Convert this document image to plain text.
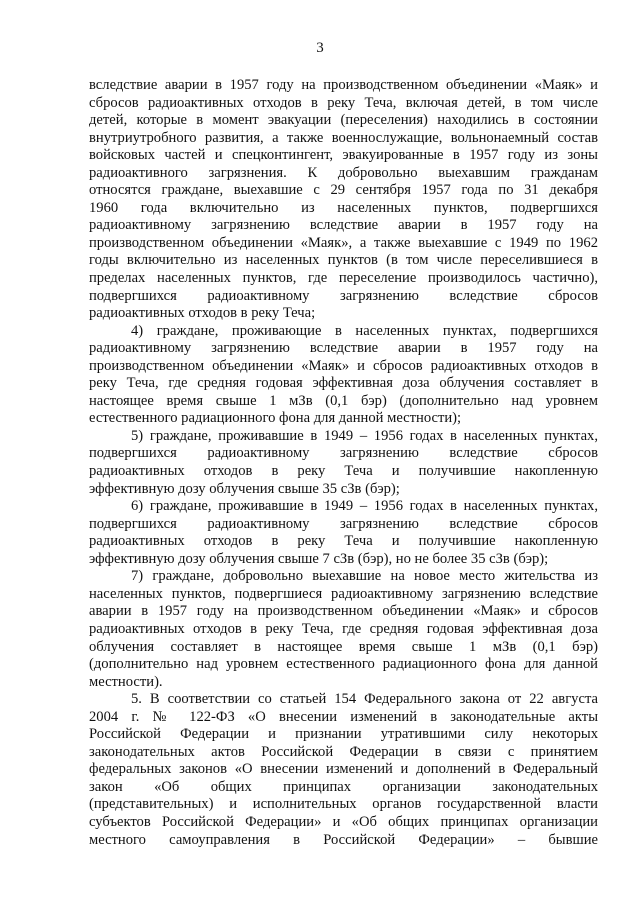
3
вследствие аварии в 1957 году на производственном объединении «Маяк» и
сбросов радиоактивных отходов в реку Теча, включая детей, в том числе
детей, которые в момент эвакуации (переселения) находились в состоянии
внутриутробного развития, а также военнослужащие, вольнонаемный состав
войсковых частей и спецконтингент, эвакуированные в 1957 году из зоны
радиоактивного загрязнения. К добровольно выехавшим гражданам
относятся граждане, выехавшие с 29 сентября 1957 года по 31 декабря
1960 года включительно из населенных пунктов, подвергшихся
радиоактивному загрязнению вследствие аварии в 1957 году на
производственном объединении «Маяк», а также выехавшие с 1949 по 1962
годы включительно из населенных пунктов (в том числе переселившиеся в
пределах населенных пунктов, где переселение производилось частично),
подвергшихся радиоактивному загрязнению вследствие сбросов
радиоактивных отходов в реку Теча;
4) граждане, проживающие в населенных пунктах, подвергшихся
радиоактивному загрязнению вследствие аварии в 1957 году на
производственном объединении «Маяк» и сбросов радиоактивных отходов в
реку Теча, где средняя годовая эффективная доза облучения составляет в
настоящее время свыше 1 мЗв (0,1 бэр) (дополнительно над уровнем
естественного радиационного фона для данной местности);
5) граждане, проживавшие в 1949 – 1956 годах в населенных пунктах,
подвергшихся радиоактивному загрязнению вследствие сбросов
радиоактивных отходов в реку Теча и получившие накопленную
эффективную дозу облучения свыше 35 сЗв (бэр);
6) граждане, проживавшие в 1949 – 1956 годах в населенных пунктах,
подвергшихся радиоактивному загрязнению вследствие сбросов
радиоактивных отходов в реку Теча и получившие накопленную
эффективную дозу облучения свыше 7 сЗв (бэр), но не более 35 сЗв (бэр);
7) граждане, добровольно выехавшие на новое место жительства из
населенных пунктов, подвергшиеся радиоактивному загрязнению вследствие
аварии в 1957 году на производственном объединении «Маяк» и сбросов
радиоактивных отходов в реку Теча, где средняя годовая эффективная доза
облучения составляет в настоящее время свыше 1 мЗв (0,1 бэр)
(дополнительно над уровнем естественного радиационного фона для данной
местности).
5. В соответствии со статьей 154 Федерального закона от 22 августа
2004 г. № 122-ФЗ «О внесении изменений в законодательные акты
Российской Федерации и признании утратившими силу некоторых
законодательных актов Российской Федерации в связи с принятием
федеральных законов «О внесении изменений и дополнений в Федеральный
закон «Об общих принципах организации законодательных
(представительных) и исполнительных органов государственной власти
субъектов Российской Федерации» и «Об общих принципах организации
местного самоуправления в Российской Федерации» – бывшие
